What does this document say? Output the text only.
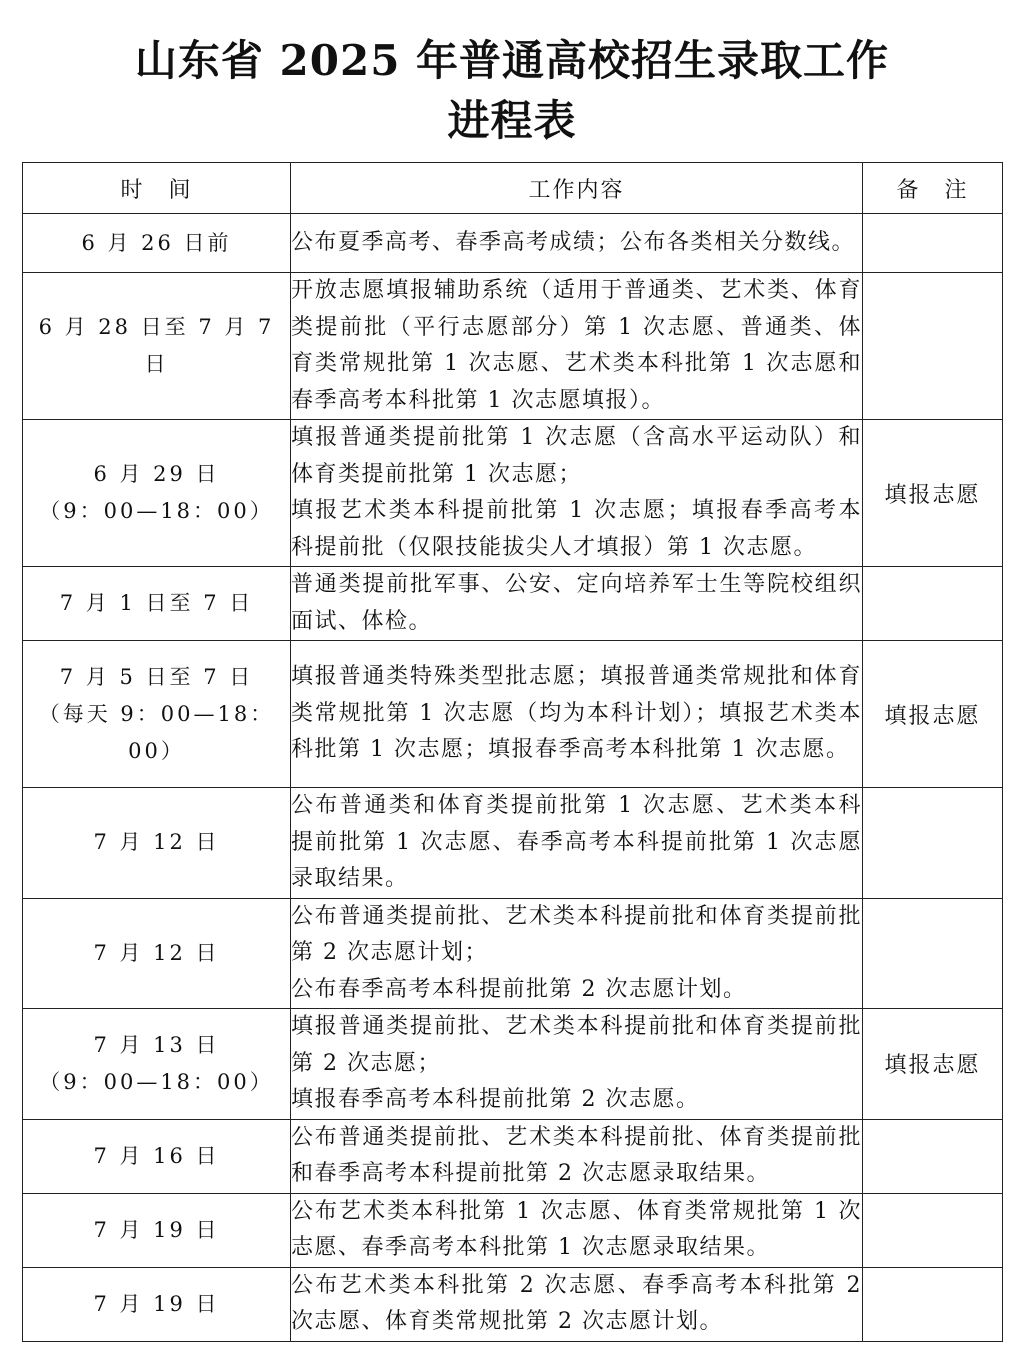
山东省 2025 年普通高校招生录取工作
进程表
时　间	工作内容	备　注

6 月 26 日前	公布夏季高考、春季高考成绩；公布各类相关分数线。	

6 月 28 日至 7 月 7 日	开放志愿填报辅助系统（适用于普通类、艺术类、体育类提前批（平行志愿部分）第 1 次志愿、普通类、体育类常规批第 1 次志愿、艺术类本科批第 1 次志愿和春季高考本科批第 1 次志愿填报）。	

6 月 29 日
（9：00—18：00）	填报普通类提前批第 1 次志愿（含高水平运动队）和体育类提前批第 1 次志愿；
填报艺术类本科提前批第 1 次志愿；填报春季高考本科提前批（仅限技能拔尖人才填报）第 1 次志愿。	填报志愿

7 月 1 日至 7 日	普通类提前批军事、公安、定向培养军士生等院校组织面试、体检。	

7 月 5 日至 7 日
（每天 9：00—18：00）	填报普通类特殊类型批志愿；填报普通类常规批和体育类常规批第 1 次志愿（均为本科计划）；填报艺术类本科批第 1 次志愿；填报春季高考本科批第 1 次志愿。	填报志愿

7 月 12 日	公布普通类和体育类提前批第 1 次志愿、艺术类本科提前批第 1 次志愿、春季高考本科提前批第 1 次志愿录取结果。	

7 月 12 日	公布普通类提前批、艺术类本科提前批和体育类提前批第 2 次志愿计划；
公布春季高考本科提前批第 2 次志愿计划。	

7 月 13 日
（9：00—18：00）	填报普通类提前批、艺术类本科提前批和体育类提前批第 2 次志愿；
填报春季高考本科提前批第 2 次志愿。	填报志愿

7 月 16 日	公布普通类提前批、艺术类本科提前批、体育类提前批和春季高考本科提前批第 2 次志愿录取结果。	

7 月 19 日	公布艺术类本科批第 1 次志愿、体育类常规批第 1 次志愿、春季高考本科批第 1 次志愿录取结果。	

7 月 19 日	公布艺术类本科批第 2 次志愿、春季高考本科批第 2 次志愿、体育类常规批第 2 次志愿计划。	
